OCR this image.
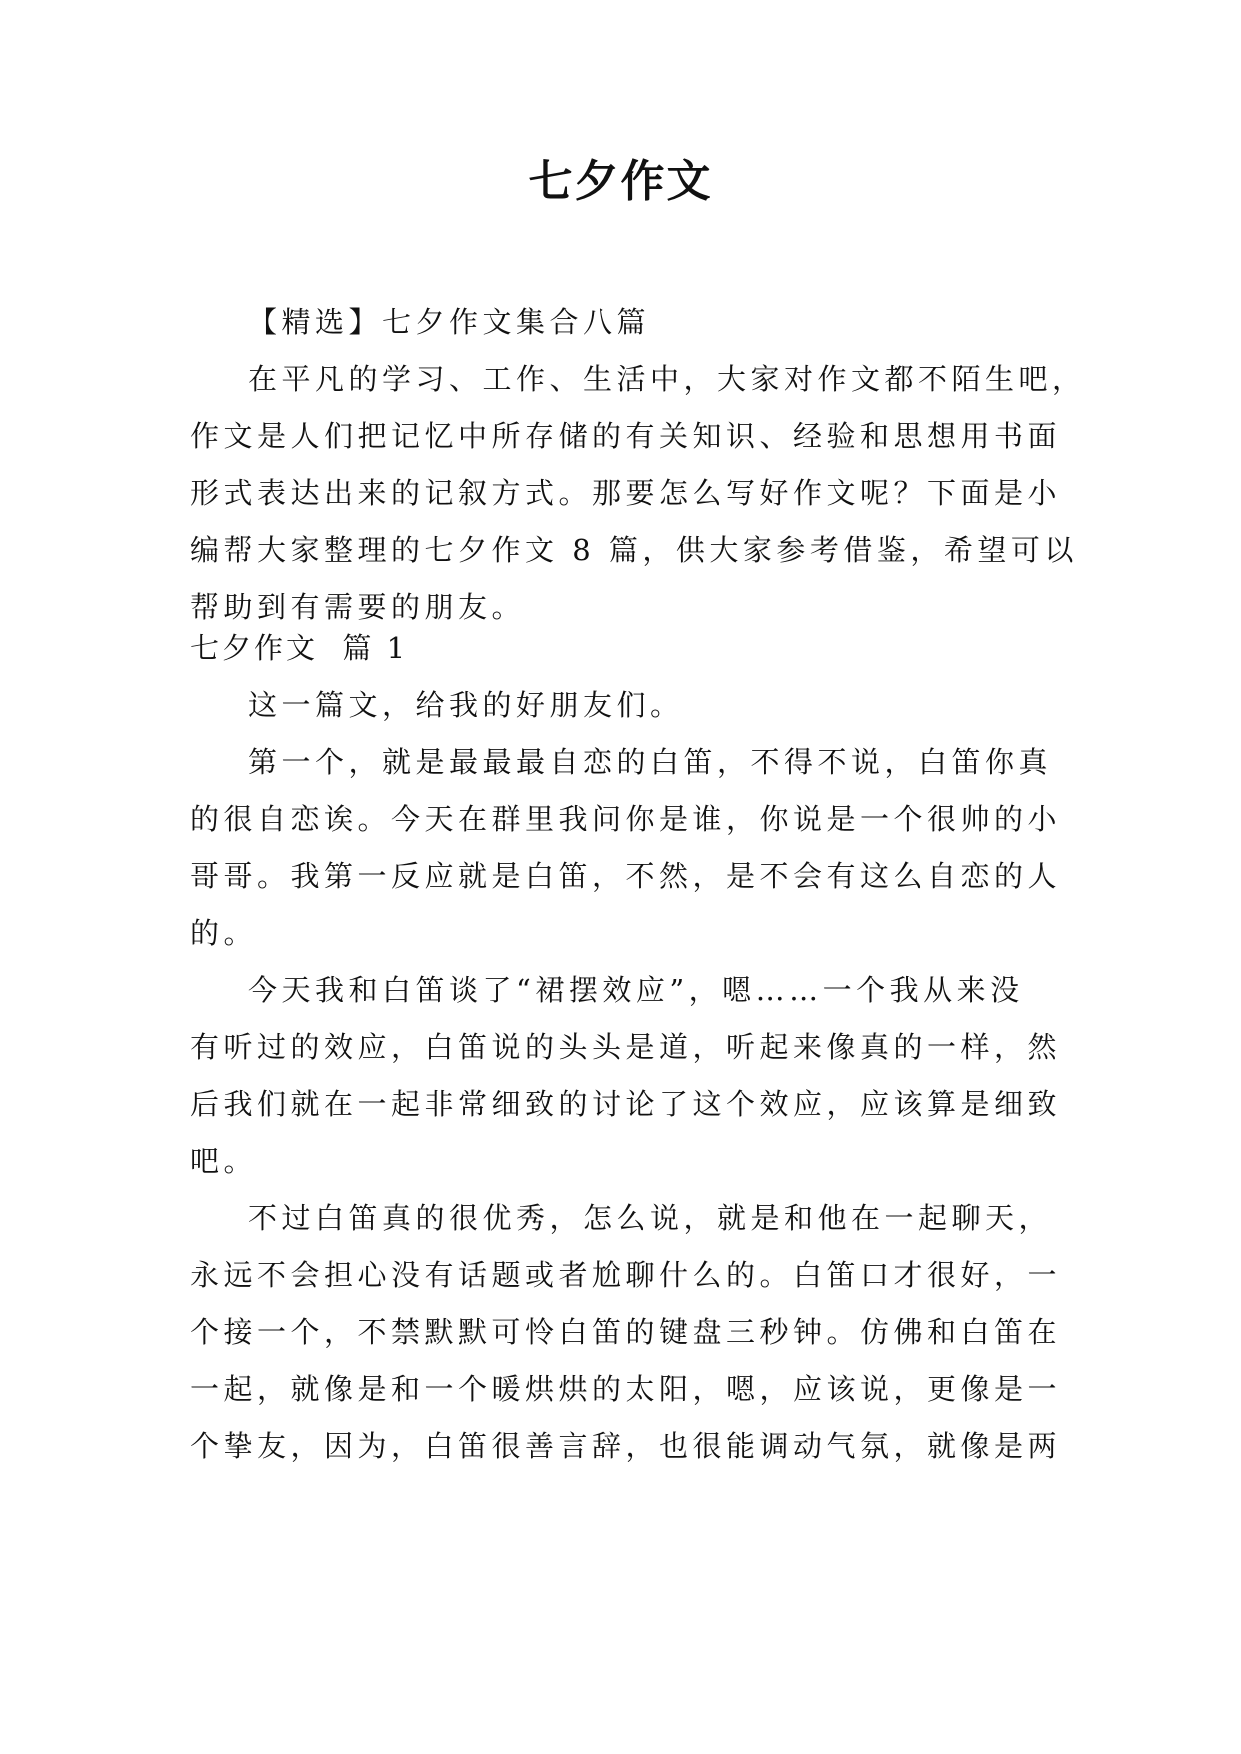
七夕作文
【精选】七夕作文集合八篇
在平凡的学习、工作、生活中，大家对作文都不陌生吧，
作文是人们把记忆中所存储的有关知识、经验和思想用书面
形式表达出来的记叙方式。那要怎么写好作文呢？下面是小
编帮大家整理的七夕作文 8 篇，供大家参考借鉴，希望可以
帮助到有需要的朋友。
七夕作文  篇 1
这一篇文，给我的好朋友们。
第一个，就是最最最自恋的白笛，不得不说，白笛你真
的很自恋诶。今天在群里我问你是谁，你说是一个很帅的小
哥哥。我第一反应就是白笛，不然，是不会有这么自恋的人
的。
今天我和白笛谈了“裙摆效应”，嗯……一个我从来没
有听过的效应，白笛说的头头是道，听起来像真的一样，然
后我们就在一起非常细致的讨论了这个效应，应该算是细致
吧。
不过白笛真的很优秀，怎么说，就是和他在一起聊天，
永远不会担心没有话题或者尬聊什么的。白笛口才很好，一
个接一个，不禁默默可怜白笛的键盘三秒钟。仿佛和白笛在
一起，就像是和一个暖烘烘的太阳，嗯，应该说，更像是一
个挚友，因为，白笛很善言辞，也很能调动气氛，就像是两
